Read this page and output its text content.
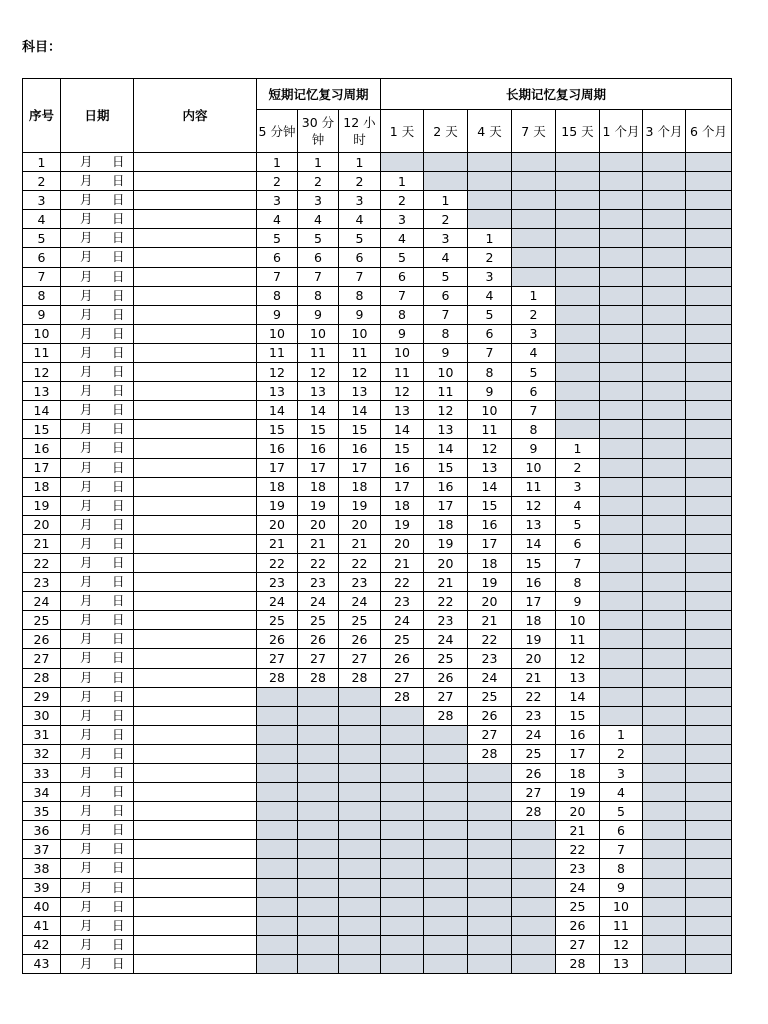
科目：
序号	日期	内容	短期记忆复习周期			长期记忆复习周期							
			5 分钟	30 分钟	12 小时	1 天	2 天	4 天	7 天	15 天	1 个月	3 个月	6 个月
1	月 日		1	1	1								
2	月 日		2	2	2	1							
3	月 日		3	3	3	2	1						
4	月 日		4	4	4	3	2						
5	月 日		5	5	5	4	3	1					
6	月 日		6	6	6	5	4	2					
7	月 日		7	7	7	6	5	3					
8	月 日		8	8	8	7	6	4	1				
9	月 日		9	9	9	8	7	5	2				
10	月 日		10	10	10	9	8	6	3				
11	月 日		11	11	11	10	9	7	4				
12	月 日		12	12	12	11	10	8	5				
13	月 日		13	13	13	12	11	9	6				
14	月 日		14	14	14	13	12	10	7				
15	月 日		15	15	15	14	13	11	8				
16	月 日		16	16	16	15	14	12	9	1			
17	月 日		17	17	17	16	15	13	10	2			
18	月 日		18	18	18	17	16	14	11	3			
19	月 日		19	19	19	18	17	15	12	4			
20	月 日		20	20	20	19	18	16	13	5			
21	月 日		21	21	21	20	19	17	14	6			
22	月 日		22	22	22	21	20	18	15	7			
23	月 日		23	23	23	22	21	19	16	8			
24	月 日		24	24	24	23	22	20	17	9			
25	月 日		25	25	25	24	23	21	18	10			
26	月 日		26	26	26	25	24	22	19	11			
27	月 日		27	27	27	26	25	23	20	12			
28	月 日		28	28	28	27	26	24	21	13			
29	月 日					28	27	25	22	14			
30	月 日						28	26	23	15			
31	月 日							27	24	16	1		
32	月 日							28	25	17	2		
33	月 日								26	18	3		
34	月 日								27	19	4		
35	月 日								28	20	5		
36	月 日									21	6		
37	月 日									22	7		
38	月 日									23	8		
39	月 日									24	9		
40	月 日									25	10		
41	月 日									26	11		
42	月 日									27	12		
43	月 日									28	13		
